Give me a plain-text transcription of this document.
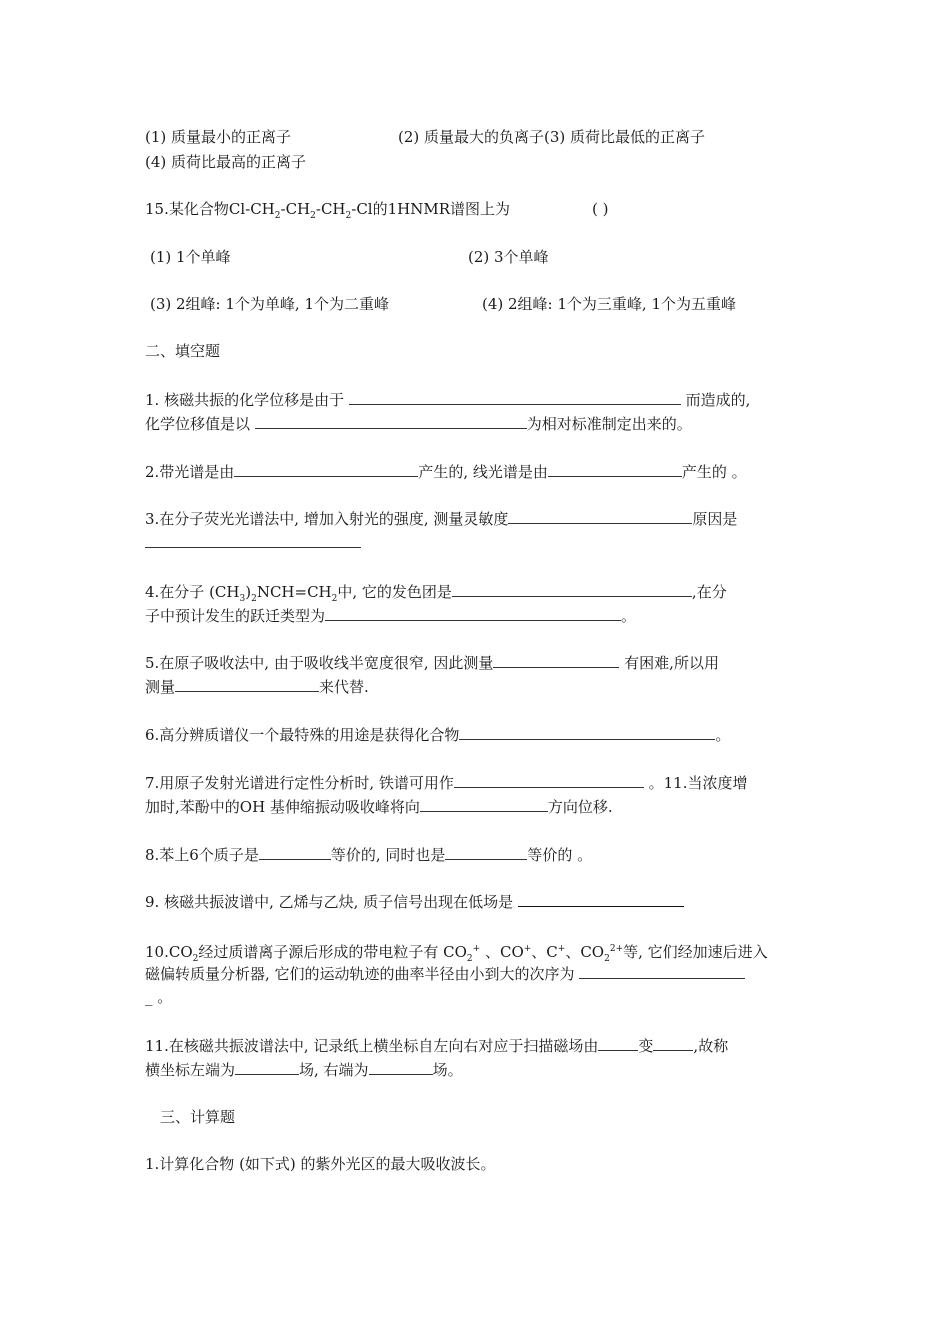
(1) 质量最小的正离子	(2) 质量最大的负离子(3) 质荷比最低的正离子
(4) 质荷比最高的正离子
15.某化合物$Cl-CH_2-CH_2-CH_2-Cl$的1HNMR谱图上为	( )
(1) 1个单峰	(2) 3个单峰
(3) 2组峰: 1个为单峰, 1个为二重峰	(4) 2组峰: 1个为三重峰, 1个为五重峰
二、填空题
1. 核磁共振的化学位移是由于	而造成的,
化学位移值是以	为相对标准制定出来的。
2.带光谱是由	产生的, 线光谱是由	产生的 。
3.在分子荧光光谱法中, 增加入射光的强度, 测量灵敏度	原因是
4.在分子 $(CH_3)_2NCH=CH_2$中, 它的发色团是	,在分
子中预计发生的跃迁类型为	。
5.在原子吸收法中, 由于吸收线半宽度很窄, 因此测量	有困难,所以用
测量	来代替.
6.高分辨质谱仪一个最特殊的用途是获得化合物	。
7.用原子发射光谱进行定性分析时, 铁谱可用作	。11.当浓度增
加时,苯酚中的OH 基伸缩振动吸收峰将向	方向位移.
8.苯上6个质子是	等价的, 同时也是	等价的 。
9. 核磁共振波谱中, 乙烯与乙炔, 质子信号出现在低场是
$10.CO_2$经过质谱离子源后形成的带电粒子有 $CO_2^+$ 、CO+、C+、$CO_2^{2+}$等, 它们经加速后进入
磁偏转质量分析器, 它们的运动轨迹的曲率半径由小到大的次序为
_ 。
11.在核磁共振波谱法中, 记录纸上横坐标自左向右对应于扫描磁场由	变	,故称
横坐标左端为	场, 右端为	场。
三、计算题
1.计算化合物 (如下式) 的紫外光区的最大吸收波长。
